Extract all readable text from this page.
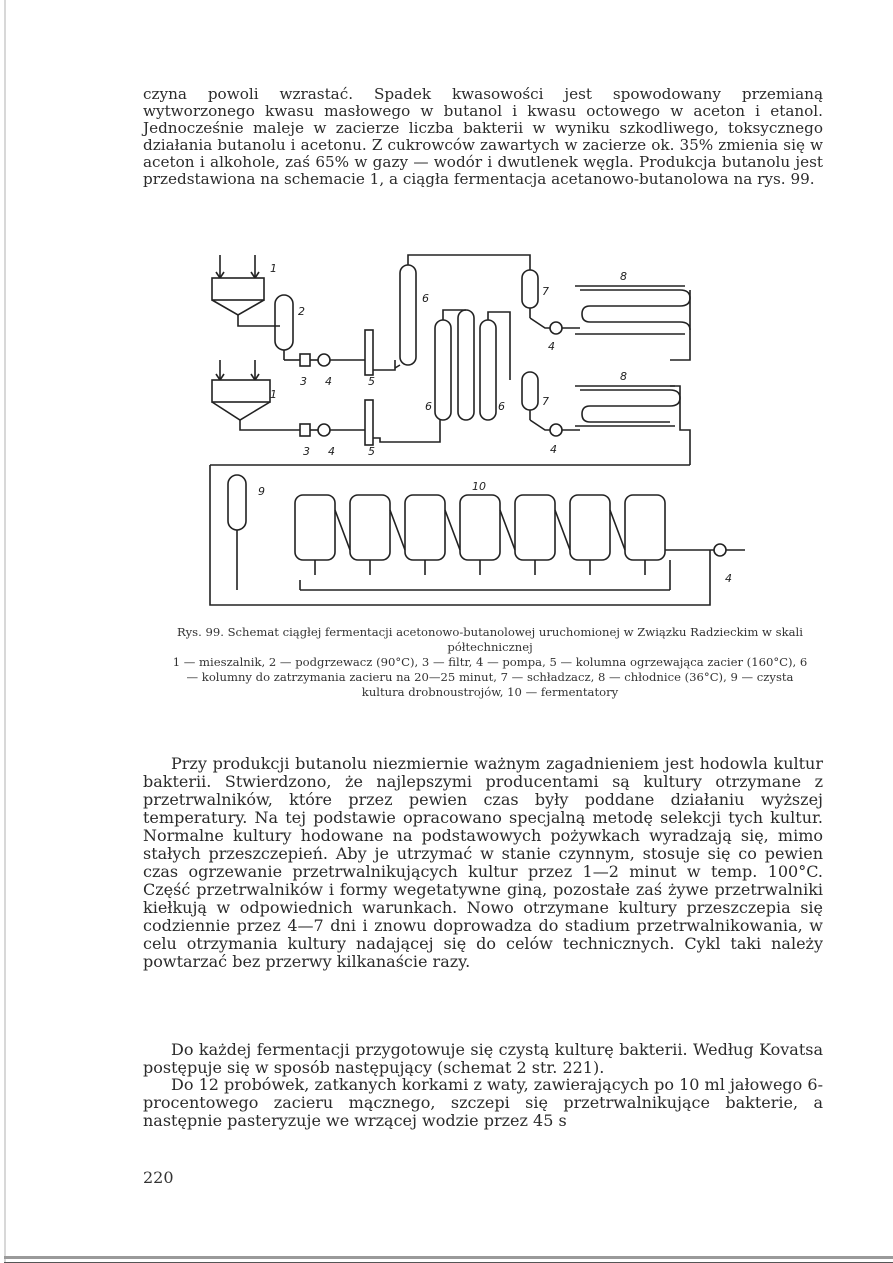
czyna powoli wzrastać. Spadek kwasowości jest spowodowany przemianą wytworzonego kwasu masłowego w butanol i kwasu octowego w aceton i etanol. Jednocześnie maleje w zacierze liczba bakterii w wyniku szkodliwego, toksycznego działania butanolu i acetonu. Z cukrowców zawartych w zacierze ok. 35% zmienia się w aceton i alkohole, zaś 65% w gazy — wodór i dwutlenek węgla. Produkcja butanolu jest przedstawiona na schemacie 1, a ciągła fermentacja acetanowo-butanolowa na rys. 99.

1
2
3 4	5
6
7
4
8
1
3 4	5
6	6	7
4
8
9	10
4

Rys. 99. Schemat ciągłej fermentacji acetonowo-butanolowej uruchomionej w Związku Radzieckim w skali półtechnicznej
1 — mieszalnik, 2 — podgrzewacz (90°C), 3 — filtr, 4 — pompa, 5 — kolumna ogrzewająca zacier (160°C), 6 — kolumny do zatrzymania zacieru na 20—25 minut, 7 — schładzacz, 8 — chłodnice (36°C), 9 — czysta kultura drobnoustrojów, 10 — fermentatory

Przy produkcji butanolu niezmiernie ważnym zagadnieniem jest hodowla kultur bakterii. Stwierdzono, że najlepszymi producentami są kultury otrzymane z przetrwalników, które przez pewien czas były poddane działaniu wyższej temperatury. Na tej podstawie opracowano specjalną metodę selekcji tych kultur. Normalne kultury hodowane na podstawowych pożywkach wyradzają się, mimo stałych przeszczepień. Aby je utrzymać w stanie czynnym, stosuje się co pewien czas ogrzewanie przetrwalnikujących kultur przez 1—2 minut w temp. 100°C. Część przetrwalników i formy wegetatywne giną, pozostałe zaś żywe przetrwalniki kiełkują w odpowiednich warunkach. Nowo otrzymane kultury przeszczepia się codziennie przez 4—7 dni i znowu doprowadza do stadium przetrwalnikowania, w celu otrzymania kultury nadającej się do celów technicznych. Cykl taki należy powtarzać bez przerwy kilkanaście razy.

Do każdej fermentacji przygotowuje się czystą kulturę bakterii. Według Kovatsa postępuje się w sposób następujący (schemat 2 str. 221).

Do 12 probówek, zatkanych korkami z waty, zawierających po 10 ml jałowego 6-procentowego zacieru mącznego, szczepi się przetrwalnikujące bakterie, a następnie pasteryzuje we wrzącej wodzie przez 45 s

220
